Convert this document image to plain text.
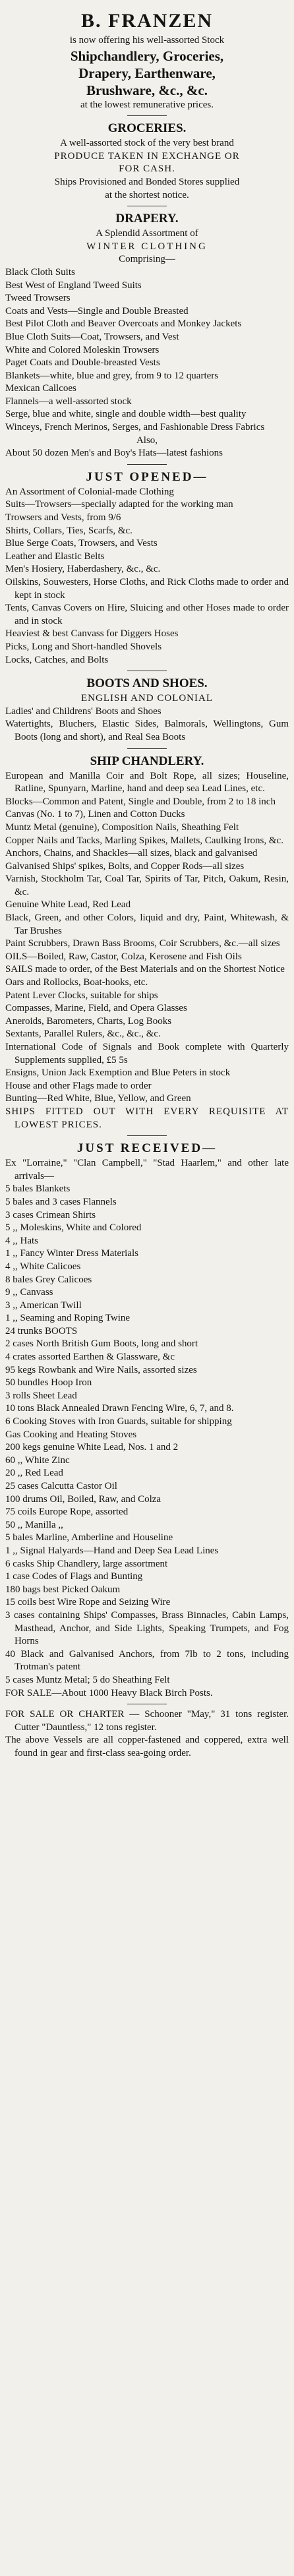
B. FRANZEN

is now offering his well-assorted Stock

Shipchandlery, Groceries,

Drapery, Earthenware,

Brushware, &c., &c.

at the lowest remunerative prices.

GROCERIES.

A well-assorted stock of the very best brand

PRODUCE TAKEN IN EXCHANGE OR

FOR CASH.

Ships Provisioned and Bonded Stores supplied

at the shortest notice.

DRAPERY.

A Splendid Assortment of

WINTER CLOTHING

Comprising—

Black Cloth Suits

Best West of England Tweed Suits

Tweed Trowsers

Coats and Vests—Single and Double Breasted

Best Pilot Cloth and Beaver Overcoats and Monkey Jackets

Blue Cloth Suits—Coat, Trowsers, and Vest

White and Colored Moleskin Trowsers

Paget Coats and Double-breasted Vests

Blankets—white, blue and grey, from 9 to 12 quarters

Mexican Callcoes

Flannels—a well-assorted stock

Serge, blue and white, single and double width—best quality

Winceys, French Merinos, Serges, and Fashionable Dress Fabrics

Also,

About 50 dozen Men's and Boy's Hats—latest fashions

JUST OPENED—

An Assortment of Colonial-made Clothing

Suits—Trowsers—specially adapted for the working man

Trowsers and Vests, from 9/6

Shirts, Collars, Ties, Scarfs, &c.

Blue Serge Coats, Trowsers, and Vests

Leather and Elastic Belts

Men's Hosiery, Haberdashery, &c., &c.

Oilskins, Souwesters, Horse Cloths, and Rick Cloths made to order and kept in stock

Tents, Canvas Covers on Hire, Sluicing and other Hoses made to order and in stock

Heaviest & best Canvass for Diggers Hoses

Picks, Long and Short-handled Shovels

Locks, Catches, and Bolts

BOOTS AND SHOES.

ENGLISH AND COLONIAL

Ladies' and Childrens' Boots and Shoes

Watertights, Bluchers, Elastic Sides, Balmorals, Wellingtons, Gum Boots (long and short), and Real Sea Boots

SHIP CHANDLERY.

European and Manilla Coir and Bolt Rope, all sizes; Houseline, Ratline, Spunyarn, Marline, hand and deep sea Lead Lines, etc.

Blocks—Common and Patent, Single and Double, from 2 to 18 inch

Canvas (No. 1 to 7), Linen and Cotton Ducks

Muntz Metal (genuine), Composition Nails, Sheathing Felt

Copper Nails and Tacks, Marling Spikes, Mallets, Caulking Irons, &c.

Anchors, Chains, and Shackles—all sizes, black and galvanised

Galvanised Ships' spikes, Bolts, and Copper Rods—all sizes

Varnish, Stockholm Tar, Coal Tar, Spirits of Tar, Pitch, Oakum, Resin, &c.

Genuine White Lead, Red Lead

Black, Green, and other Colors, liquid and dry, Paint, Whitewash, & Tar Brushes

Paint Scrubbers, Drawn Bass Brooms, Coir Scrubbers, &c.—all sizes

OILS—Boiled, Raw, Castor, Colza, Kerosene and Fish Oils

SAILS made to order, of the Best Materials and on the Shortest Notice

Oars and Rollocks, Boat-hooks, etc.

Patent Lever Clocks, suitable for ships

Compasses, Marine, Field, and Opera Glasses

Aneroids, Barometers, Charts, Log Books

Sextants, Parallel Rulers, &c., &c., &c.

International Code of Signals and Book complete with Quarterly Supplements supplied, £5 5s

Ensigns, Union Jack Exemption and Blue Peters in stock

House and other Flags made to order

Bunting—Red White, Blue, Yellow, and Green

SHIPS FITTED OUT WITH EVERY REQUISITE AT LOWEST PRICES.

JUST RECEIVED—

Ex "Lorraine," "Clan Campbell," "Stad Haarlem," and other late arrivals—

5 bales Blankets

5 bales and 3 cases Flannels

3 cases Crimean Shirts

5 ,, Moleskins, White and Colored

4 ,, Hats

1 ,, Fancy Winter Dress Materials

4 ,, White Calicoes

8 bales Grey Calicoes

9 ,, Canvass

3 ,, American Twill

1 ,, Seaming and Roping Twine

24 trunks BOOTS

2 cases North British Gum Boots, long and short

4 crates assorted Earthen & Glassware, &c

95 kegs Rowbank and Wire Nails, assorted sizes

50 bundles Hoop Iron

3 rolls Sheet Lead

10 tons Black Annealed Drawn Fencing Wire, 6, 7, and 8.

6 Cooking Stoves with Iron Guards, suitable for shipping

Gas Cooking and Heating Stoves

200 kegs genuine White Lead, Nos. 1 and 2

60 ,, White Zinc

20 ,, Red Lead

25 cases Calcutta Castor Oil

100 drums Oil, Boiled, Raw, and Colza

75 coils Europe Rope, assorted

50 ,, Manilla ,,

5 bales Marline, Amberline and Houseline

1 ,, Signal Halyards—Hand and Deep Sea Lead Lines

6 casks Ship Chandlery, large assortment

1 case Codes of Flags and Bunting

180 bags best Picked Oakum

15 coils best Wire Rope and Seizing Wire

3 cases containing Ships' Compasses, Brass Binnacles, Cabin Lamps, Masthead, Anchor, and Side Lights, Speaking Trumpets, and Fog Horns

40 Black and Galvanised Anchors, from 7lb to 2 tons, including Trotman's patent

5 cases Muntz Metal; 5 do Sheathing Felt

FOR SALE—About 1000 Heavy Black Birch Posts.

FOR SALE OR CHARTER — Schooner "May," 31 tons register. Cutter "Dauntless," 12 tons register.

The above Vessels are all copper-fastened and coppered, extra well found in gear and first-class sea-going order.
